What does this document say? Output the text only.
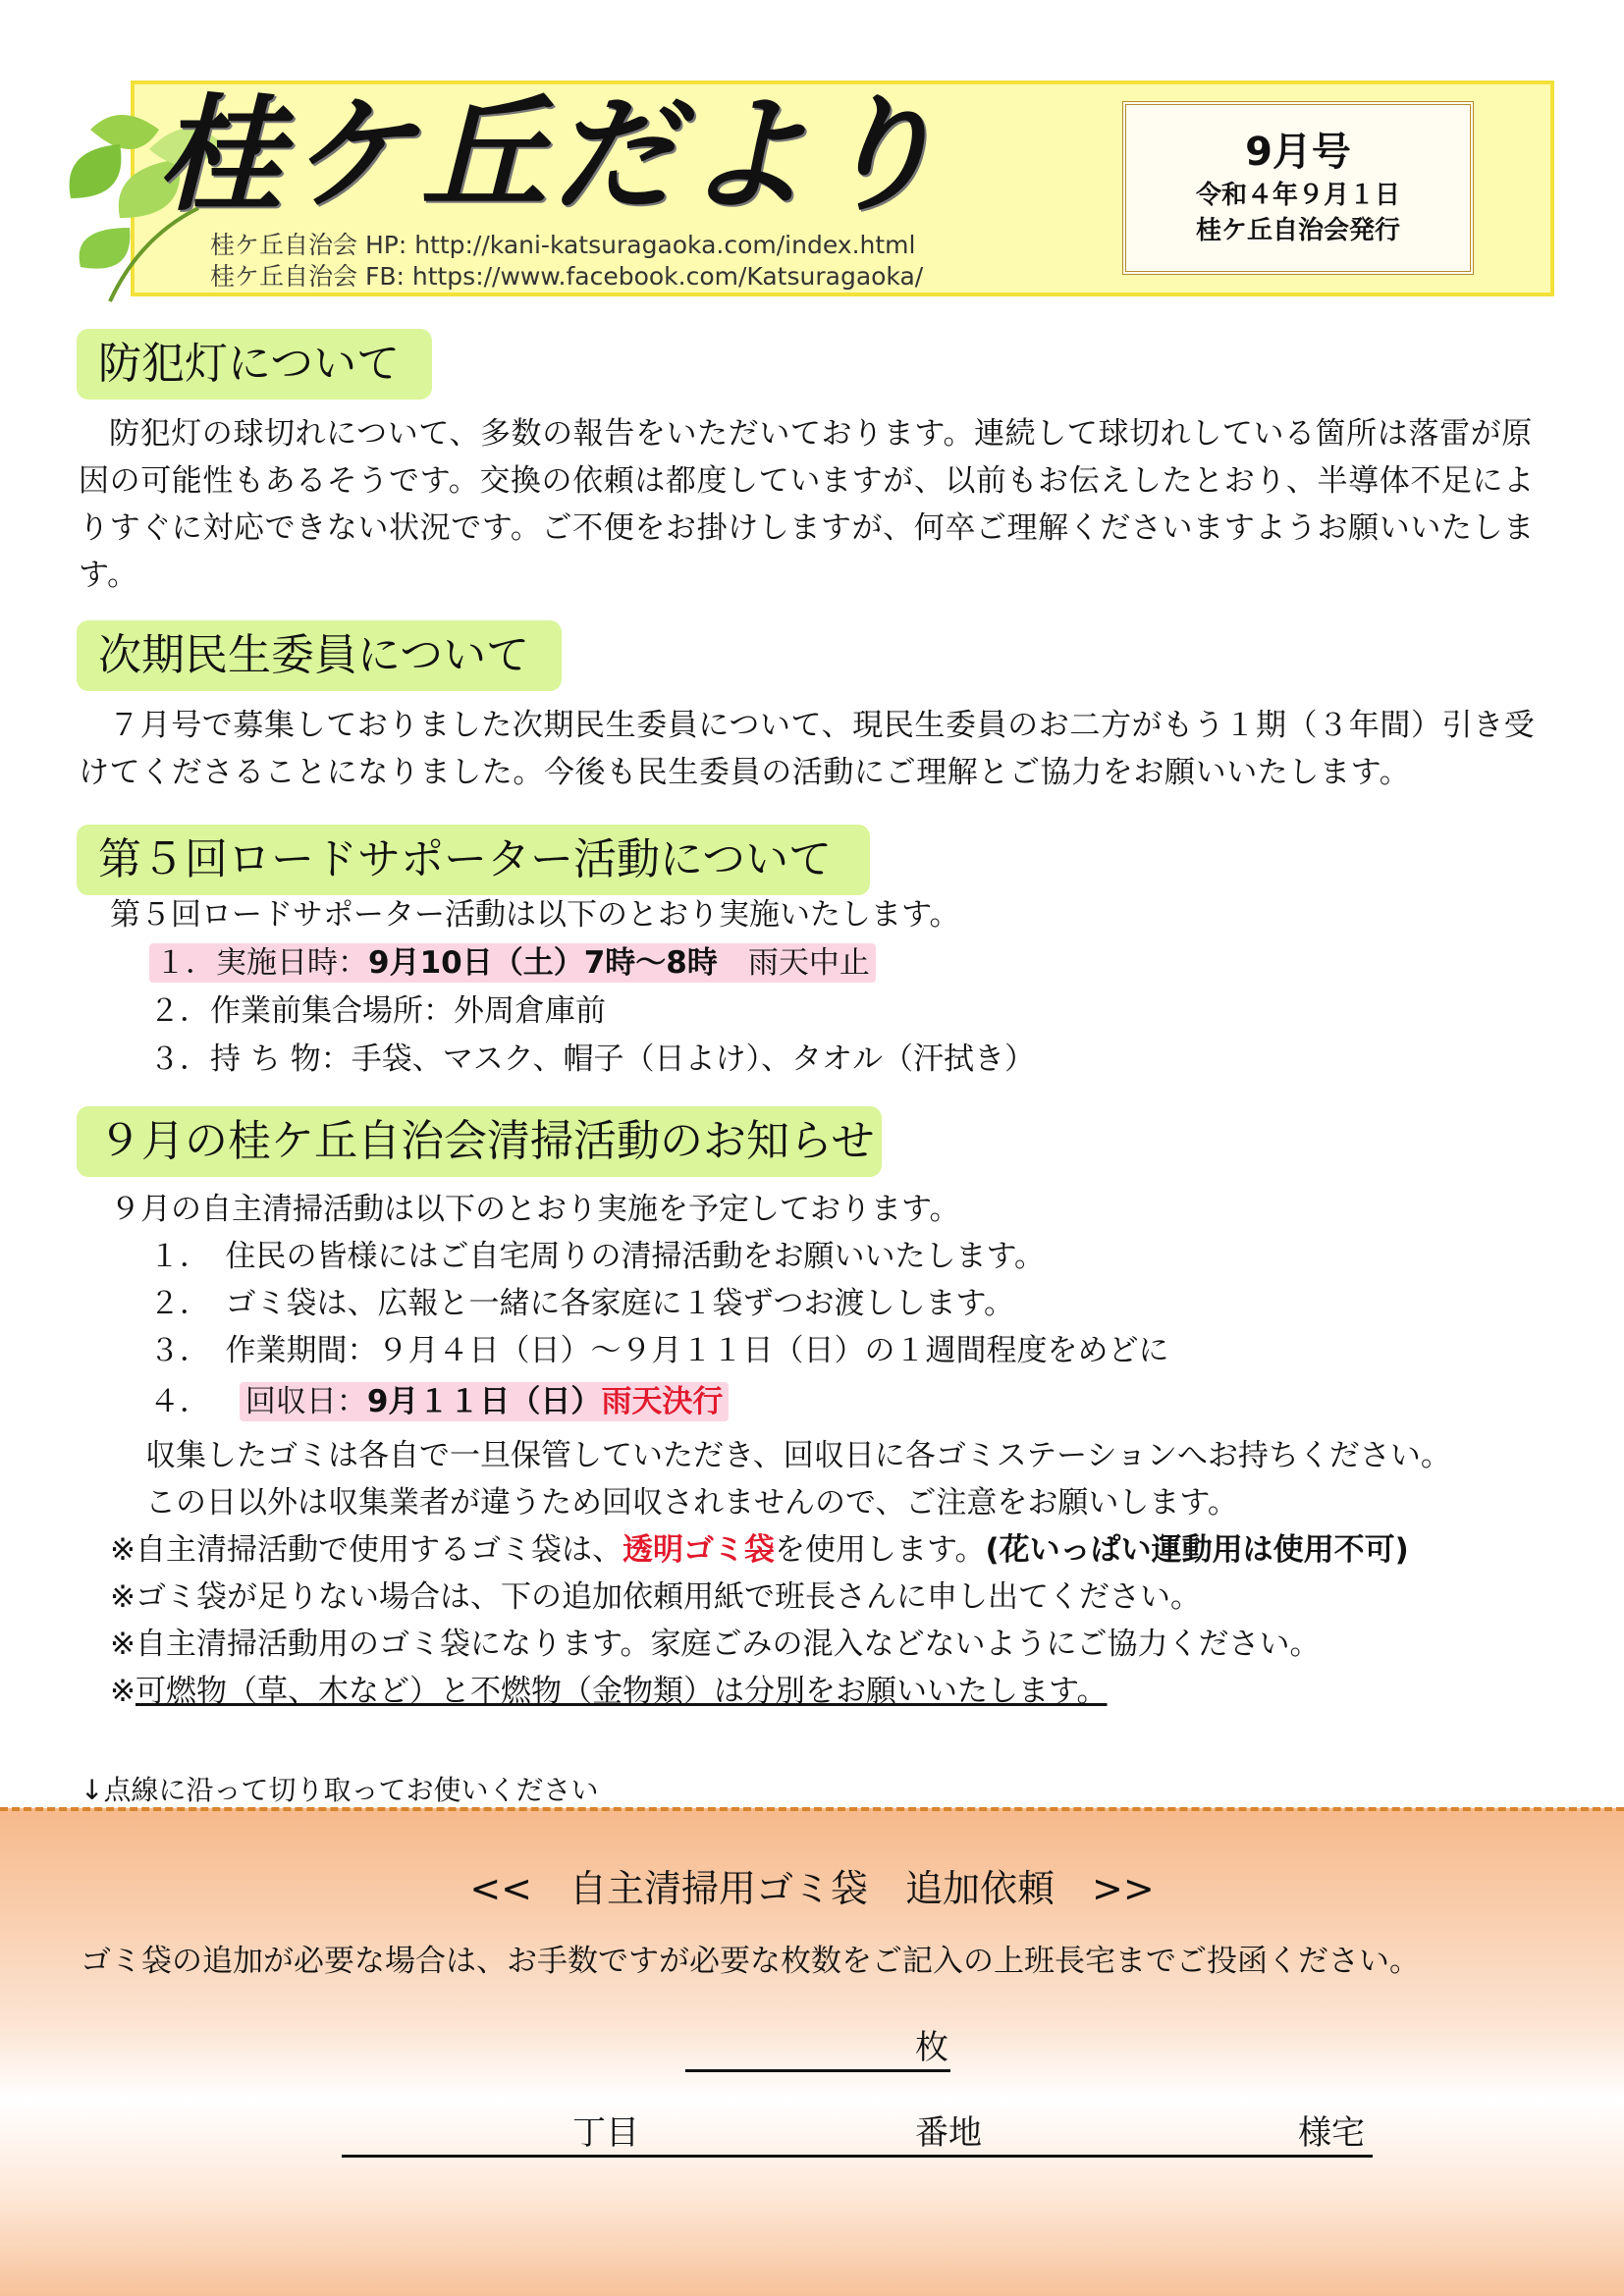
桂ケ丘だより
桂ケ丘自治会 HP: http://kani-katsuragaoka.com/index.html
桂ケ丘自治会 FB: https://www.facebook.com/Katsuragaoka/
9月号
令和４年９月１日
桂ケ丘自治会発行
防犯灯について
防犯灯の球切れについて、多数の報告をいただいております。連続して球切れしている箇所は落雷が原因の可能性もあるそうです。交換の依頼は都度していますが、以前もお伝えしたとおり、半導体不足によりすぐに対応できない状況です。ご不便をお掛けしますが、何卒ご理解くださいますようお願いいたします。
次期民生委員について
７月号で募集しておりました次期民生委員について、現民生委員のお二方がもう１期（３年間）引き受けてくださることになりました。今後も民生委員の活動にご理解とご協力をお願いいたします。
第５回ロードサポーター活動について
第５回ロードサポーター活動は以下のとおり実施いたします。
１．実施日時：9月10日（土）7時～8時　雨天中止
２．作業前集合場所：外周倉庫前
３．持 ち 物：手袋、マスク、帽子（日よけ）、タオル（汗拭き）
９月の桂ケ丘自治会清掃活動のお知らせ
９月の自主清掃活動は以下のとおり実施を予定しております。
１．　住民の皆様にはご自宅周りの清掃活動をお願いいたします。
２．　ゴミ袋は、広報と一緒に各家庭に１袋ずつお渡しします。
３．　作業期間：９月４日（日）～９月１１日（日）の１週間程度をめどに
４． 回収日：9月１１日（日）雨天決行
収集したゴミは各自で一旦保管していただき、回収日に各ゴミステーションへお持ちください。
この日以外は収集業者が違うため回収されませんので、ご注意をお願いします。
※自主清掃活動で使用するゴミ袋は、透明ゴミ袋を使用します。(花いっぱい運動用は使用不可)
※ゴミ袋が足りない場合は、下の追加依頼用紙で班長さんに申し出てください。
※自主清掃活動用のゴミ袋になります。家庭ごみの混入などないようにご協力ください。
※可燃物（草、木など）と不燃物（金物類）は分別をお願いいたします。
↓点線に沿って切り取ってお使いください
<<　自主清掃用ゴミ袋　追加依頼　>>
ゴミ袋の追加が必要な場合は、お手数ですが必要な枚数をご記入の上班長宅までご投函ください。
枚
丁目	番地	様宅
